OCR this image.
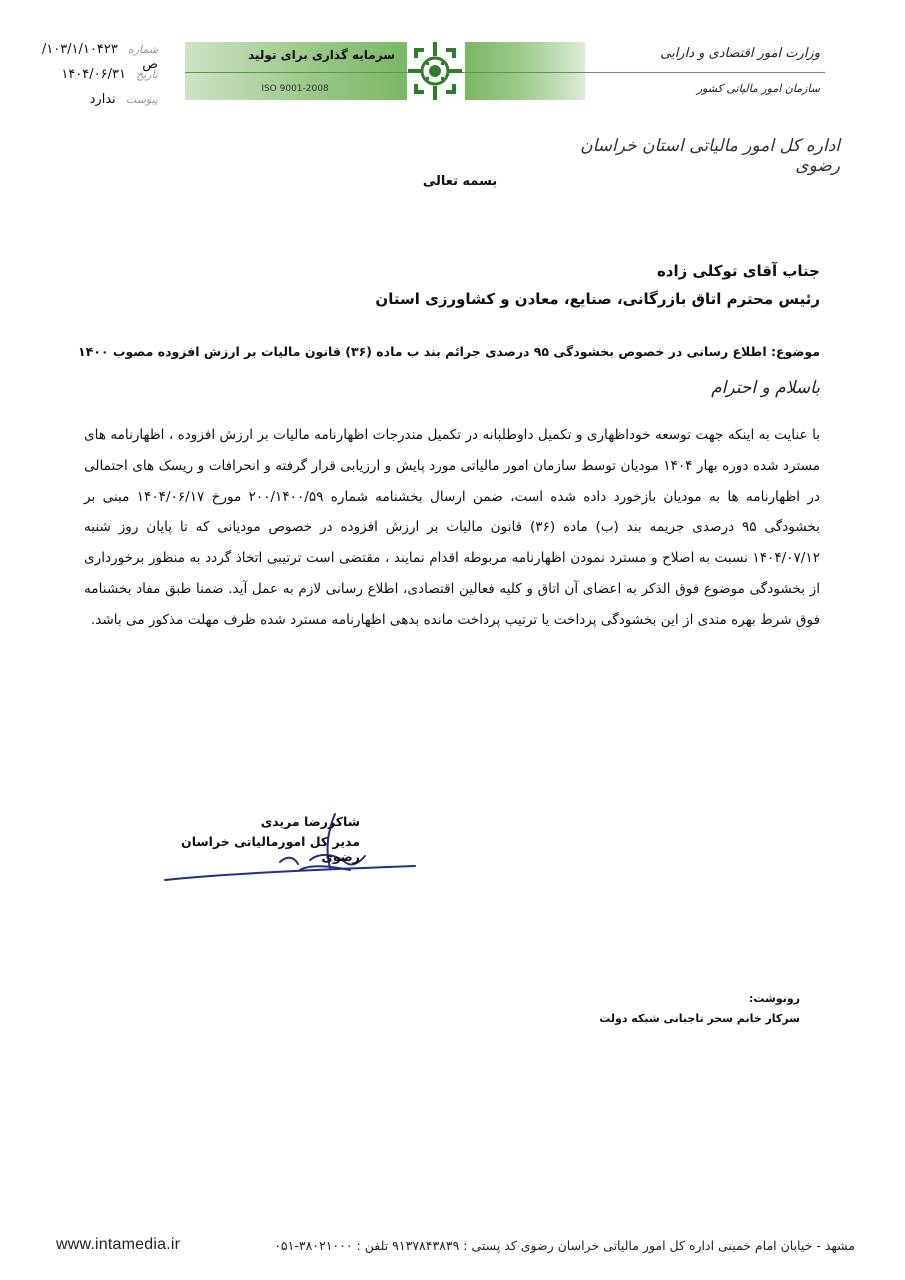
شماره ۱۰۳/۱/۱۰۴۲۳/ص
تاریخ ۱۴۰۴/۰۶/۳۱
پیوست ندارد
سرمایه گذاری برای تولید
ISO 9001-2008
وزارت امور اقتصادی و دارایی
سازمان امور مالیاتی کشور
اداره کل امور مالیاتی استان خراسان رضوی
بسمه تعالی
جناب آقای توکلی زاده
رئیس محترم اتاق بازرگانی، صنایع، معادن و کشاورزی استان
موضوع: اطلاع رسانی در خصوص بخشودگی ۹۵ درصدی جرائم بند ب ماده (۳۶) قانون مالیات بر ارزش افزوده مصوب ۱۴۰۰
باسلام و احترام
با عنایت به اینکه جهت توسعه خوداظهاری و تکمیل داوطلبانه در تکمیل مندرجات اظهارنامه مالیات بر ارزش افزوده ، اظهارنامه های مسترد شده دوره بهار ۱۴۰۴ مودیان توسط سازمان امور مالیاتی مورد پایش و ارزیابی قرار گرفته و انحرافات و ریسک های احتمالی در اظهارنامه ها به مودیان بازخورد داده شده است، ضمن ارسال بخشنامه شماره ۲۰۰/۱۴۰۰/۵۹ مورخ ۱۴۰۴/۰۶/۱۷ مبنی بر بخشودگی ۹۵ درصدی جریمه بند (ب) ماده (۳۶) قانون مالیات بر ارزش افزوده در خصوص مودیانی که تا پایان روز شنبه ۱۴۰۴/۰۷/۱۲ نسبت به اصلاح و مسترد نمودن اظهارنامه مربوطه اقدام نمایند ، مقتضی است ترتیبی اتخاذ گردد به منظور برخورداری از بخشودگی موضوع فوق الذکر به اعضای آن اتاق و کلیه فعالین اقتصادی، اطلاع رسانی لازم به عمل آید. ضمنا طبق مفاد بخشنامه فوق شرط بهره مندی از این بخشودگی پرداخت یا ترتیب پرداخت مانده بدهی اظهارنامه مسترد شده ظرف مهلت مذکور می باشد.
شاکررضا مریدی
مدیر کل امورمالیاتی خراسان رضوی
رونوشت:
سرکار خانم سحر تاجبانی شبکه دولت
www.intamedia.ir	مشهد - خیابان امام خمینی اداره کل امور مالیاتی خراسان رضوی کد پستی : ۹۱۳۷۸۴۳۸۳۹ تلفن : ۳۸۰۲۱۰۰۰-۰۵۱
